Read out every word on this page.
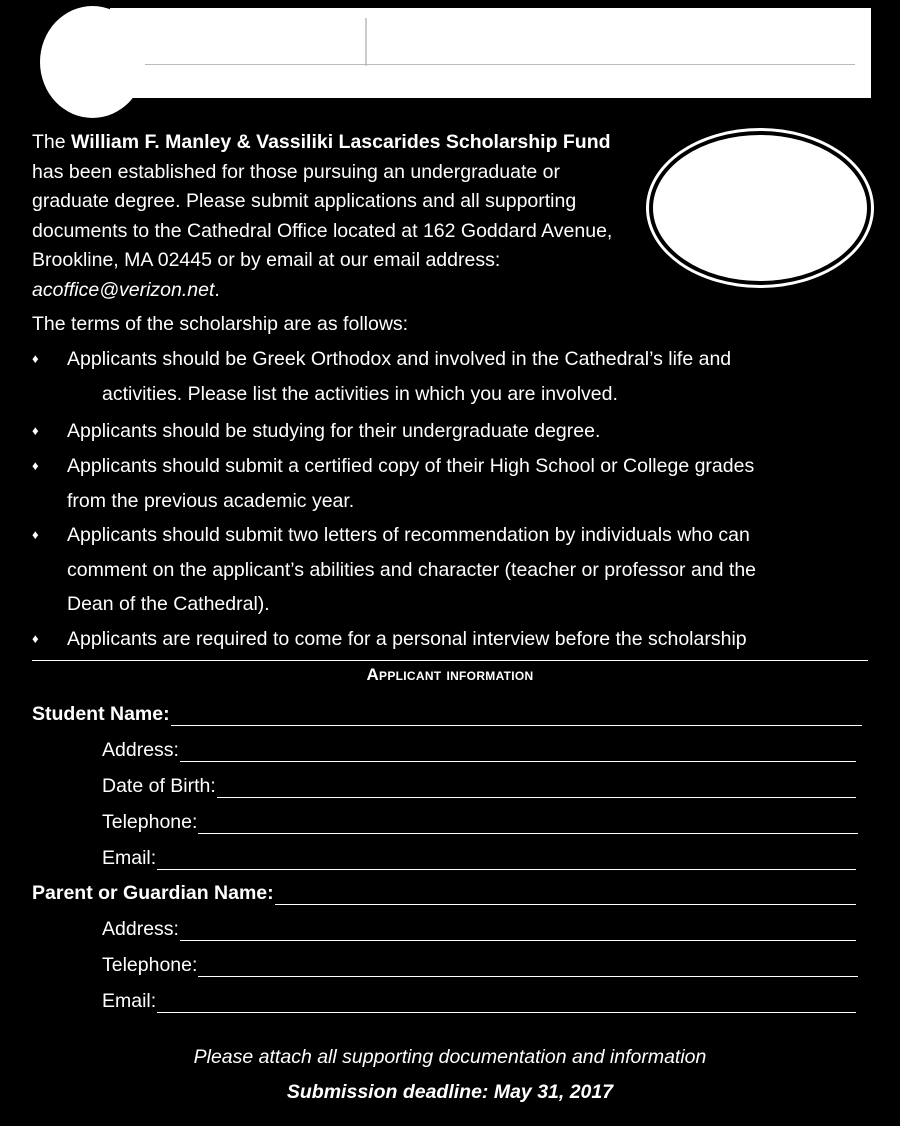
The William F. Manley & Vassiliki Lascarides Scholarship Fund has been established for those pursuing an undergraduate or graduate degree. Please submit applications and all supporting documents to the Cathedral Office located at 162 Goddard Avenue, Brookline, MA 02445 or by email at our email address: acoffice@verizon.net.

The terms of the scholarship are as follows:
♦	Applicants should be Greek Orthodox and involved in the Cathedral’s life and
activities. Please list the activities in which you are involved.
♦	Applicants should be studying for their undergraduate degree.
♦	Applicants should submit a certified copy of their High School or College grades
from the previous academic year.
♦	Applicants should submit two letters of recommendation by individuals who can
comment on the applicant’s abilities and character (teacher or professor and the
Dean of the Cathedral).
♦	Applicants are required to come for a personal interview before the scholarship
Applicant information
Student Name:
Address:
Date of Birth:
Telephone:
Email:
Parent or Guardian Name:
Address:
Telephone:
Email:
Please attach all supporting documentation and information
Submission deadline: May 31, 2017
